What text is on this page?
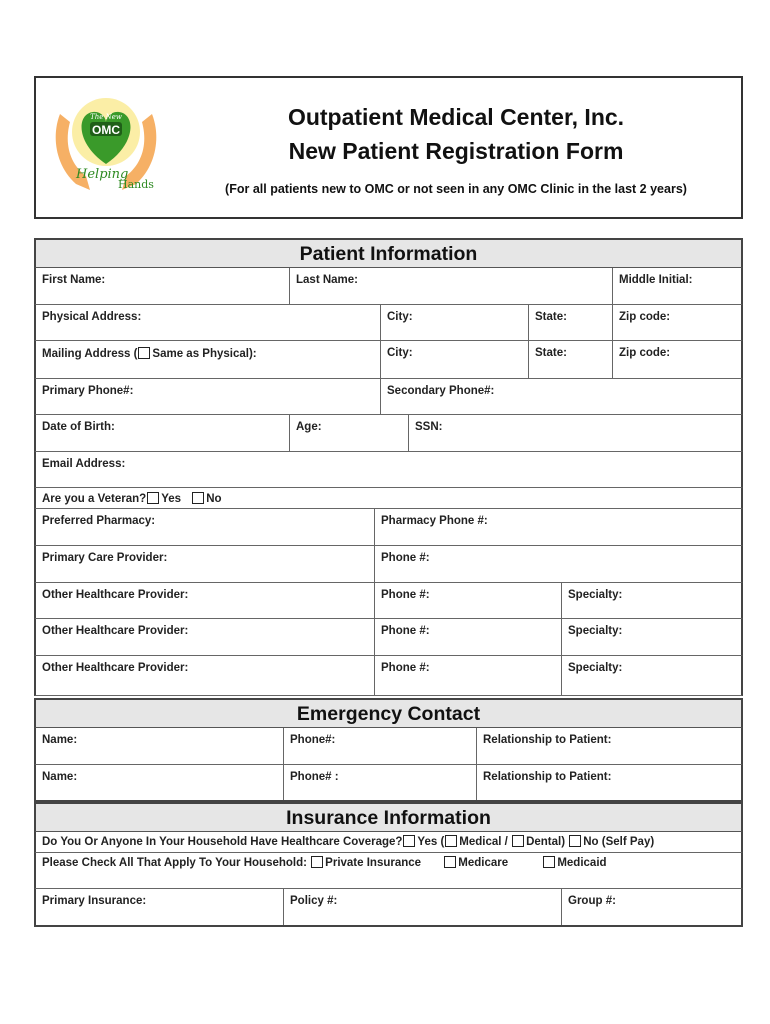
The New
OMC
Helping
Hands
Outpatient Medical Center, Inc.
New Patient Registration Form
(For all patients new to OMC or not seen in any OMC Clinic in the last 2 years)
Patient Information
First Name:	Last Name:	Middle Initial:
Physical Address:	City:	State:	Zip code:
Mailing Address ( Same as Physical):	City:	State:	Zip code:
Primary Phone#:	Secondary Phone#:
Date of Birth:	Age:	SSN:
Email Address:
Are you a Veteran? Yes No
Preferred Pharmacy:	Pharmacy Phone #:
Primary Care Provider:	Phone #:
Other Healthcare Provider:	Phone #:	Specialty:
Other Healthcare Provider:	Phone #:	Specialty:
Other Healthcare Provider:	Phone #:	Specialty:
Emergency Contact
Name:	Phone#:	Relationship to Patient:
Name:	Phone# :	Relationship to Patient:
Insurance Information
Do You Or Anyone In Your Household Have Healthcare Coverage? Yes ( Medical / Dental) No (Self Pay)
Please Check All That Apply To Your Household: Private Insurance	Medicare	Medicaid
Primary Insurance:	Policy #:	Group #:
